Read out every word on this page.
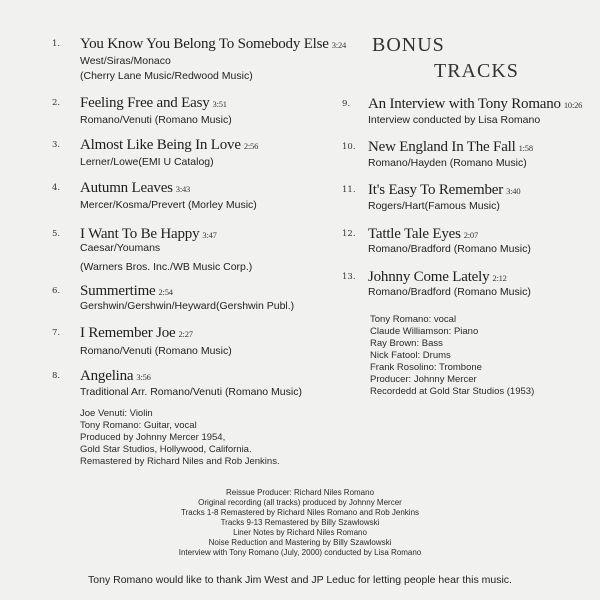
1. You Know You Belong To Somebody Else 3:24
West/Siras/Monaco
(Cherry Lane Music/Redwood Music)
2. Feeling Free and Easy 3:51
Romano/Venuti (Romano Music)
3. Almost Like Being In Love 2:56
Lerner/Lowe(EMI U Catalog)
4. Autumn Leaves 3:43
Mercer/Kosma/Prevert (Morley Music)
5. I Want To Be Happy 3:47
Caesar/Youmans
(Warners Bros. Inc./WB Music Corp.)
6. Summertime 2:54
Gershwin/Gershwin/Heyward(Gershwin Publ.)
7. I Remember Joe 2:27
Romano/Venuti (Romano Music)
8. Angelina 3:56
Traditional Arr. Romano/Venuti (Romano Music)
Joe Venuti: Violin
Tony Romano: Guitar, vocal
Produced by Johnny Mercer 1954,
Gold Star Studios, Hollywood, California.
Remastered by Richard Niles and Rob Jenkins.
BONUS
TRACKS
9. An Interview with Tony Romano 10:26
Interview conducted by Lisa Romano
10. New England In The Fall 1:58
Romano/Hayden (Romano Music)
11. It's Easy To Remember 3:40
Rogers/Hart(Famous Music)
12. Tattle Tale Eyes 2:07
Romano/Bradford (Romano Music)
13. Johnny Come Lately 2:12
Romano/Bradford (Romano Music)
Tony Romano: vocal
Claude Williamson: Piano
Ray Brown: Bass
Nick Fatool: Drums
Frank Rosolino: Trombone
Producer: Johnny Mercer
Recordedd at Gold Star Studios (1953)
Reissue Producer: Richard Niles Romano
Original recording (all tracks) produced by Johnny Mercer
Tracks 1-8 Remastered by Richard Niles Romano and Rob Jenkins
Tracks 9-13 Remastered by Billy Szawlowski
Liner Notes by Richard Niles Romano
Noise Reduction and Mastering by Billy Szawlowski
Interview with Tony Romano (July, 2000) conducted by Lisa Romano
Tony Romano would like to thank Jim West and JP Leduc for letting people hear this music.
